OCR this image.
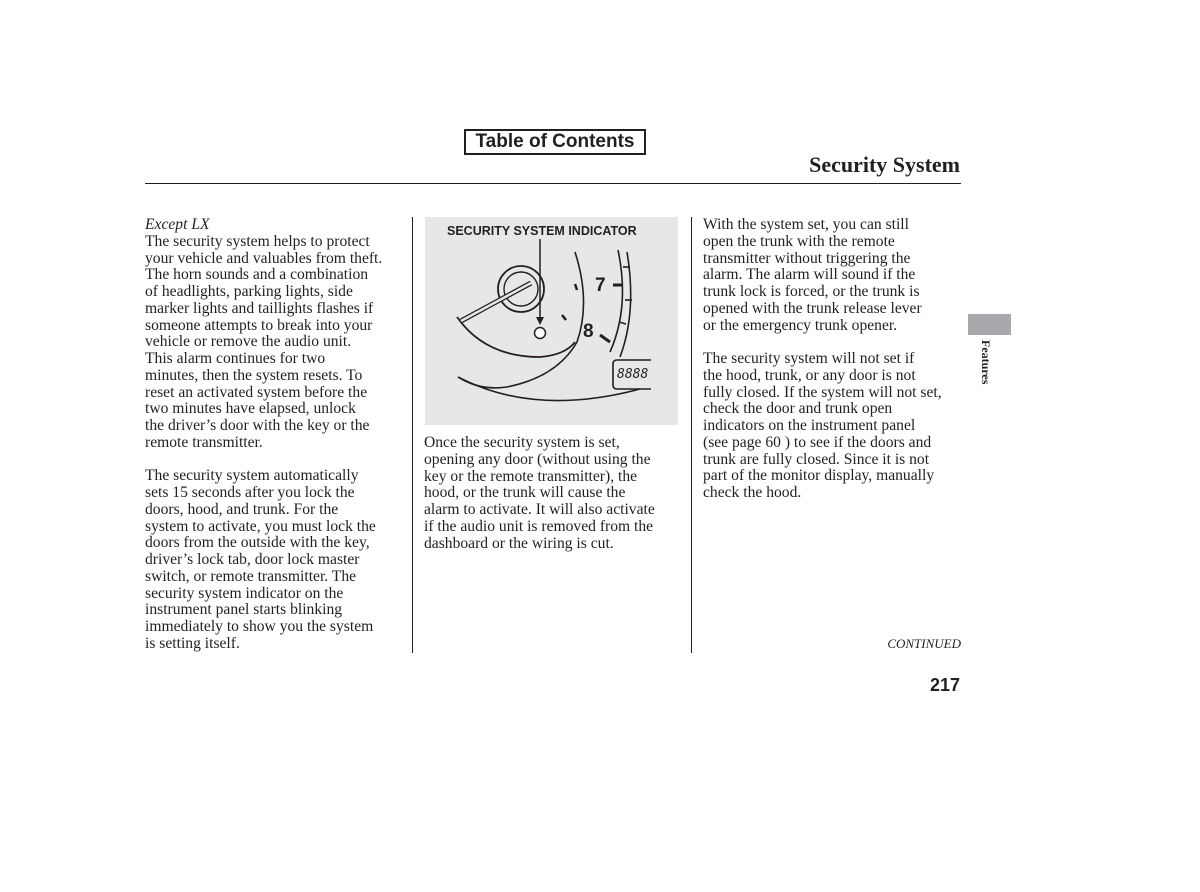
Table of Contents
Security System

Except LX

The security system helps to protect
your vehicle and valuables from theft.
The horn sounds and a combination
of headlights, parking lights, side
marker lights and taillights flashes if
someone attempts to break into your
vehicle or remove the audio unit.
This alarm continues for two
minutes, then the system resets. To
reset an activated system before the
two minutes have elapsed, unlock
the driver’s door with the key or the
remote transmitter.

The security system automatically
sets 15 seconds after you lock the
doors, hood, and trunk. For the
system to activate, you must lock the
doors from the outside with the key,
driver’s lock tab, door lock master
switch, or remote transmitter. The
security system indicator on the
instrument panel starts blinking
immediately to show you the system
is setting itself.

SECURITY SYSTEM INDICATOR
7
8
8888

Once the security system is set,
opening any door (without using the
key or the remote transmitter), the
hood, or the trunk will cause the
alarm to activate. It will also activate
if the audio unit is removed from the
dashboard or the wiring is cut.

With the system set, you can still
open the trunk with the remote
transmitter without triggering the
alarm. The alarm will sound if the
trunk lock is forced, or the trunk is
opened with the trunk release lever
or the emergency trunk opener.

The security system will not set if
the hood, trunk, or any door is not
fully closed. If the system will not set,
check the door and trunk open
indicators on the instrument panel
(see page 60 ) to see if the doors and
trunk are fully closed. Since it is not
part of the monitor display, manually
check the hood.

Features
CONTINUED
217
